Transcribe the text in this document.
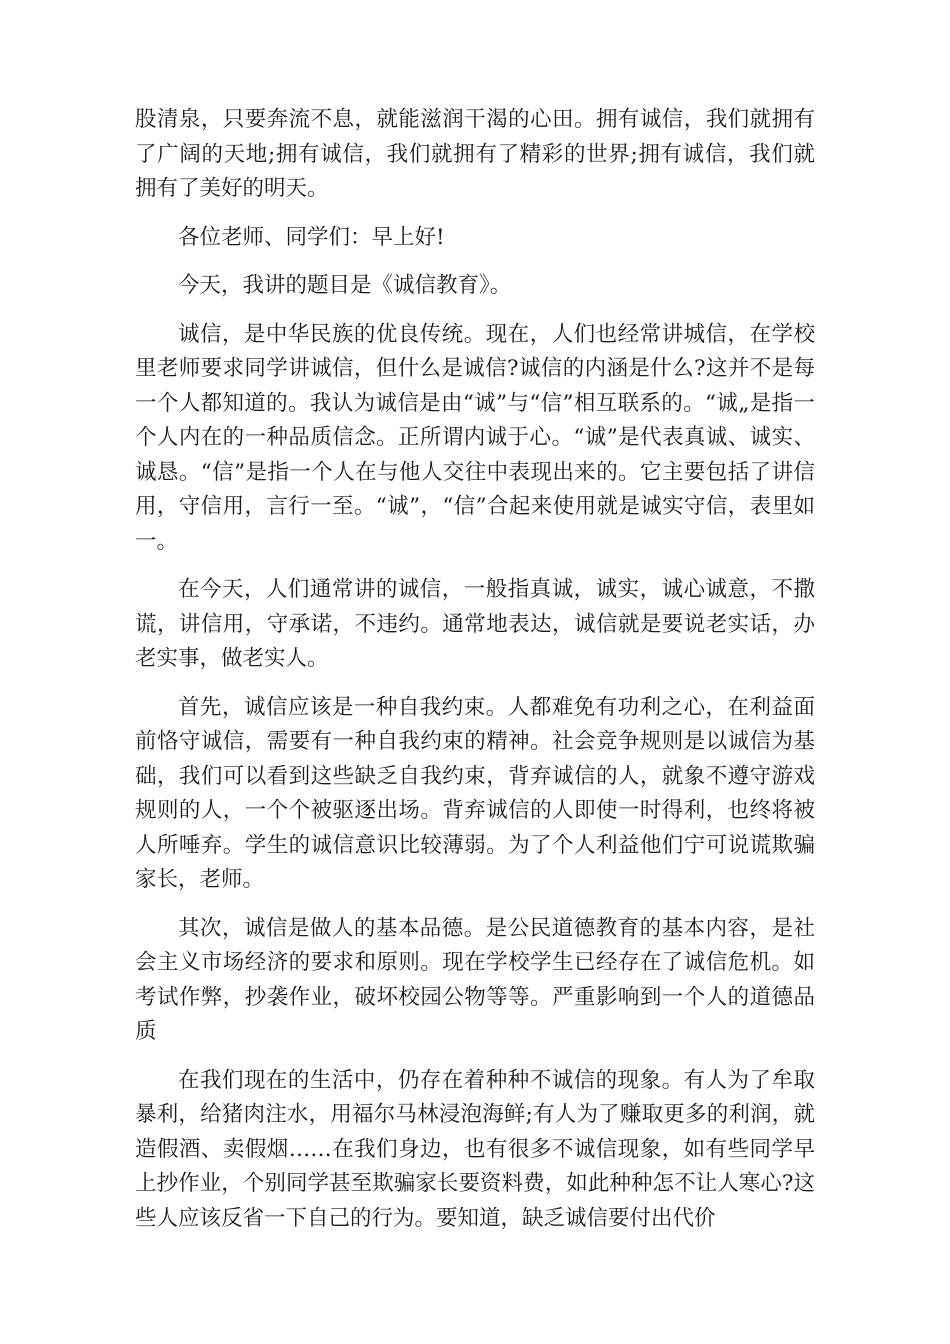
股清泉，只要奔流不息，就能滋润干渴的心田。拥有诚信，我们就拥有了广阔的天地;拥有诚信，我们就拥有了精彩的世界;拥有诚信，我们就拥有了美好的明天。

各位老师、同学们：早上好!

今天，我讲的题目是《诚信教育》。

诚信，是中华民族的优良传统。现在，人们也经常讲城信，在学校里老师要求同学讲诚信，但什么是诚信?诚信的内涵是什么?这并不是每一个人都知道的。我认为诚信是由“诚”与“信”相互联系的。“诚„是指一个人内在的一种品质信念。正所谓内诚于心。“诚”是代表真诚、诚实、诚恳。“信”是指一个人在与他人交往中表现出来的。它主要包括了讲信用，守信用，言行一至。“诚”，“信”合起来使用就是诚实守信，表里如一。

在今天，人们通常讲的诚信，一般指真诚，诚实，诚心诚意，不撒谎，讲信用，守承诺，不违约。通常地表达，诚信就是要说老实话，办老实事，做老实人。

首先，诚信应该是一种自我约束。人都难免有功利之心，在利益面前恪守诚信，需要有一种自我约束的精神。社会竞争规则是以诚信为基础，我们可以看到这些缺乏自我约束，背弃诚信的人，就象不遵守游戏规则的人，一个个被驱逐出场。背弃诚信的人即使一时得利，也终将被人所唾弃。学生的诚信意识比较薄弱。为了个人利益他们宁可说谎欺骗家长，老师。

其次，诚信是做人的基本品德。是公民道德教育的基本内容，是社会主义市场经济的要求和原则。现在学校学生已经存在了诚信危机。如考试作弊，抄袭作业，破坏校园公物等等。严重影响到一个人的道德品质

在我们现在的生活中，仍存在着种种不诚信的现象。有人为了牟取暴利，给猪肉注水，用福尔马林浸泡海鲜;有人为了赚取更多的利润，就造假酒、卖假烟……在我们身边，也有很多不诚信现象，如有些同学早上抄作业，个别同学甚至欺骗家长要资料费，如此种种怎不让人寒心?这些人应该反省一下自己的行为。要知道，缺乏诚信要付出代价
